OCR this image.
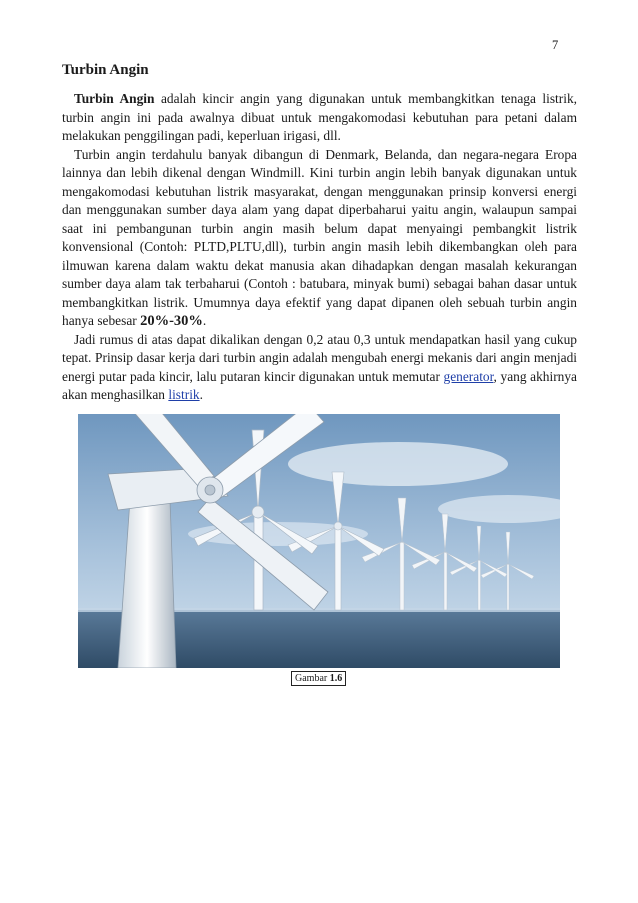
7
Turbin Angin

Turbin Angin adalah kincir angin yang digunakan untuk membangkitkan tenaga listrik, turbin angin ini pada awalnya dibuat untuk mengakomodasi kebutuhan para petani dalam melakukan penggilingan padi, keperluan irigasi, dll.

Turbin angin terdahulu banyak dibangun di Denmark, Belanda, dan negara-negara Eropa lainnya dan lebih dikenal dengan Windmill. Kini turbin angin lebih banyak digunakan untuk mengakomodasi kebutuhan listrik masyarakat, dengan menggunakan prinsip konversi energi dan menggunakan sumber daya alam yang dapat diperbaharui yaitu angin, walaupun sampai saat ini pembangunan turbin angin masih belum dapat menyaingi pembangkit listrik konvensional (Contoh: PLTD,PLTU,dll), turbin angin masih lebih dikembangkan oleh para ilmuwan karena dalam waktu dekat manusia akan dihadapkan dengan masalah kekurangan sumber daya alam tak terbaharui (Contoh : batubara, minyak bumi) sebagai bahan dasar untuk membangkitkan listrik. Umumnya daya efektif yang dapat dipanen oleh sebuah turbin angin hanya sebesar 20%-30%.

Jadi rumus di atas dapat dikalikan dengan 0,2 atau 0,3 untuk mendapatkan hasil yang cukup tepat. Prinsip dasar kerja dari turbin angin adalah mengubah energi mekanis dari angin menjadi energi putar pada kincir, lalu putaran kincir digunakan untuk memutar generator, yang akhirnya akan menghasilkan listrik.

Gambar 1.6
